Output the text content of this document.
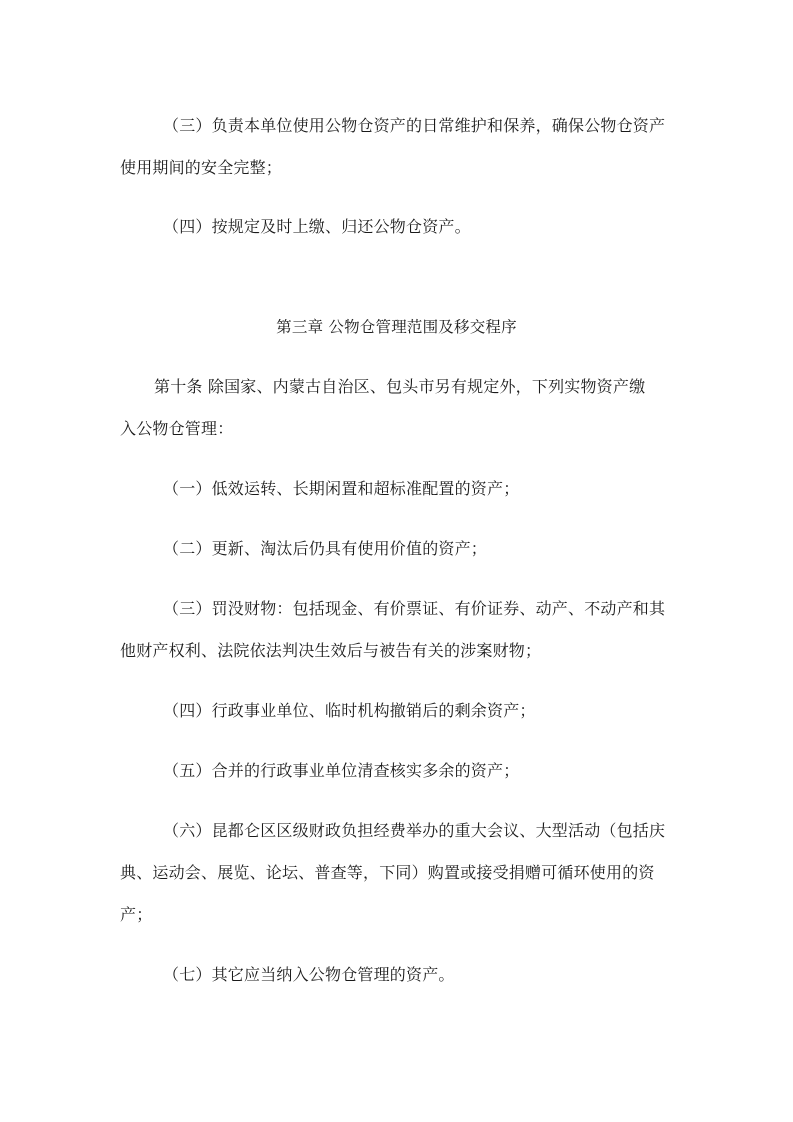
（三）负责本单位使用公物仓资产的日常维护和保养，确保公物仓资产
使用期间的安全完整；
（四）按规定及时上缴、归还公物仓资产。
第三章 公物仓管理范围及移交程序
第十条 除国家、内蒙古自治区、包头市另有规定外，下列实物资产缴
入公物仓管理：
（一）低效运转、长期闲置和超标准配置的资产；
（二）更新、淘汰后仍具有使用价值的资产；
（三）罚没财物：包括现金、有价票证、有价证券、动产、不动产和其
他财产权利、法院依法判决生效后与被告有关的涉案财物；
（四）行政事业单位、临时机构撤销后的剩余资产；
（五）合并的行政事业单位清查核实多余的资产；
（六）昆都仑区区级财政负担经费举办的重大会议、大型活动（包括庆
典、运动会、展览、论坛、普查等，下同）购置或接受捐赠可循环使用的资
产；
（七）其它应当纳入公物仓管理的资产。
